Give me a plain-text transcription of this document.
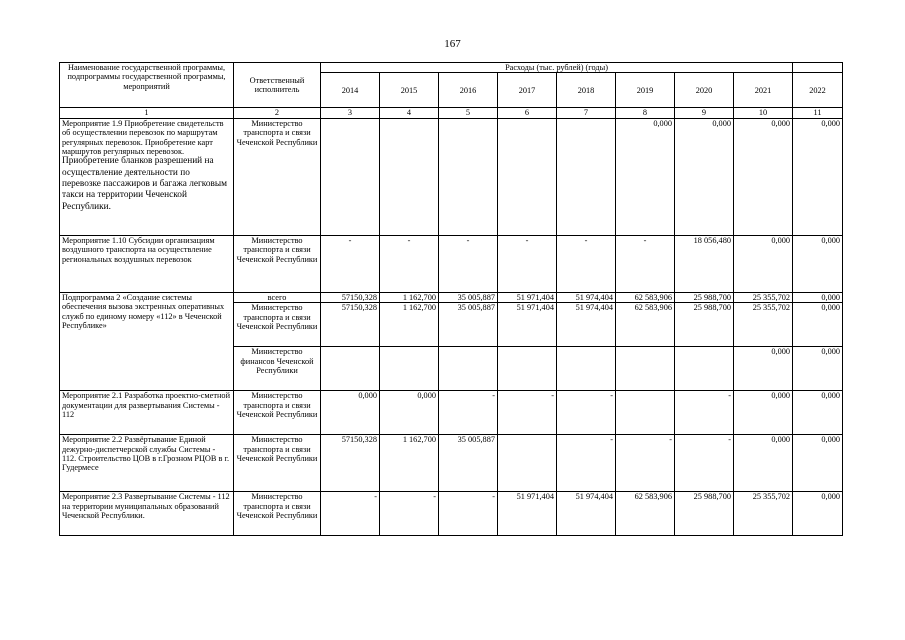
167
Наименование государственной программы, подпрограммы государственной программы, мероприятий	Ответственный исполнитель	Расходы (тыс. рублей) (годы)								
		2014	2015	2016	2017	2018	2019	2020	2021	2022
1	2	3	4	5	6	7	8	9	10	11

Мероприятие 1.9 Приобретение свидетельств об осуществлении перевозок по маршрутам регулярных перевозок. Приобретение карт маршрутов регулярных перевозок.
Приобретение бланков разрешений на осуществление деятельности по перевозке пассажиров и багажа легковым такси на территории Чеченской Республики.	Министерство транспорта и связи Чеченской Республики						0,000	0,000	0,000	0,000
Мероприятие 1.10 Субсидии организациям воздушного транспорта на осуществление региональных воздушных перевозок	Министерство транспорта и связи Чеченской Республики	-	-	-	-	-	-	18 056,480	0,000	0,000
Подпрограмма 2 «Создание системы обеспечения вызова экстренных оперативных служб по единому номеру «112» в Чеченской Республике»	всего	57150,328	1 162,700	35 005,887	51 971,404	51 974,404	62 583,906	25 988,700	25 355,702	0,000
	Министерство транспорта и связи Чеченской Республики	57150,328	1 162,700	35 005,887	51 971,404	51 974,404	62 583,906	25 988,700	25 355,702	0,000
	Министерство финансов Чеченской Республики								0,000	0,000
Мероприятие 2.1 Разработка проектно-сметной документации для развертывания Системы - 112	Министерство транспорта и связи Чеченской Республики	0,000	0,000	-	-	-		-	0,000	0,000
Мероприятие 2.2 Развёртывание Единой дежурно-диспетчерской службы Системы - 112. Строительство ЦОВ в г.Грозном РЦОВ в г. Гудермесе	Министерство транспорта и связи Чеченской Республики	57150,328	1 162,700	35 005,887		-	-	-	0,000	0,000
Мероприятие 2.3 Развертывание Системы - 112 на территории муниципальных образований Чеченской Республики.	Министерство транспорта и связи Чеченской Республики	-	-	-	51 971,404	51 974,404	62 583,906	25 988,700	25 355,702	0,000
